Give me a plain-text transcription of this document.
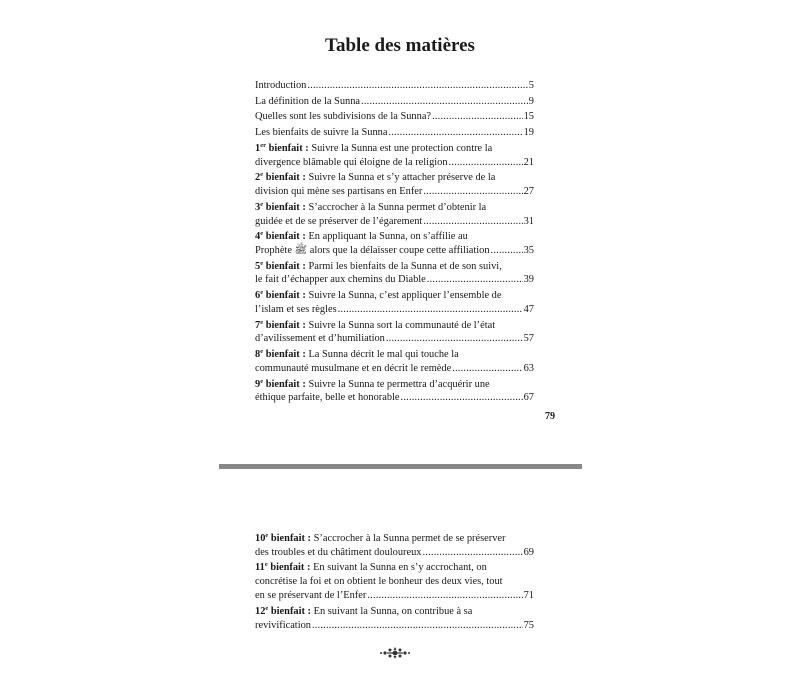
Table des matières
Introduction .....	5
La définition de la Sunna .....	9
Quelles sont les subdivisions de la Sunna? .....	15
Les bienfaits de suivre la Sunna .....	19
1er bienfait : Suivre la Sunna est une protection contre la
divergence blâmable qui éloigne de la religion .....	21
2e bienfait : Suivre la Sunna et s’y attacher préserve de la
division qui mène ses partisans en Enfer .....	27
3e bienfait : S’accrocher à la Sunna permet d’obtenir la
guidée et de se préserver de l’égarement .....	31
4e bienfait : En appliquant la Sunna, on s’affilie au
Prophète ﷺ alors que la délaisser coupe cette affiliation .....	35
5e bienfait : Parmi les bienfaits de la Sunna et de son suivi,
le fait d’échapper aux chemins du Diable .....	39
6e bienfait : Suivre la Sunna, c’est appliquer l’ensemble de
l’islam et ses règles .....	47
7e bienfait : Suivre la Sunna sort la communauté de l’état
d’avilissement et d’humiliation .....	57
8e bienfait : La Sunna décrit le mal qui touche la
communauté musulmane et en décrit le remède .....	63
9e bienfait : Suivre la Sunna te permettra d’acquérir une
éthique parfaite, belle et honorable .....	67
79
10e bienfait : S’accrocher à la Sunna permet de se préserver
des troubles et du châtiment douloureux .....	69
11e bienfait : En suivant la Sunna en s’y accrochant, on
concrétise la foi et on obtient le bonheur des deux vies, tout
en se préservant de l’Enfer .....	71
12e bienfait : En suivant la Sunna, on contribue à sa
revivification .....	75
